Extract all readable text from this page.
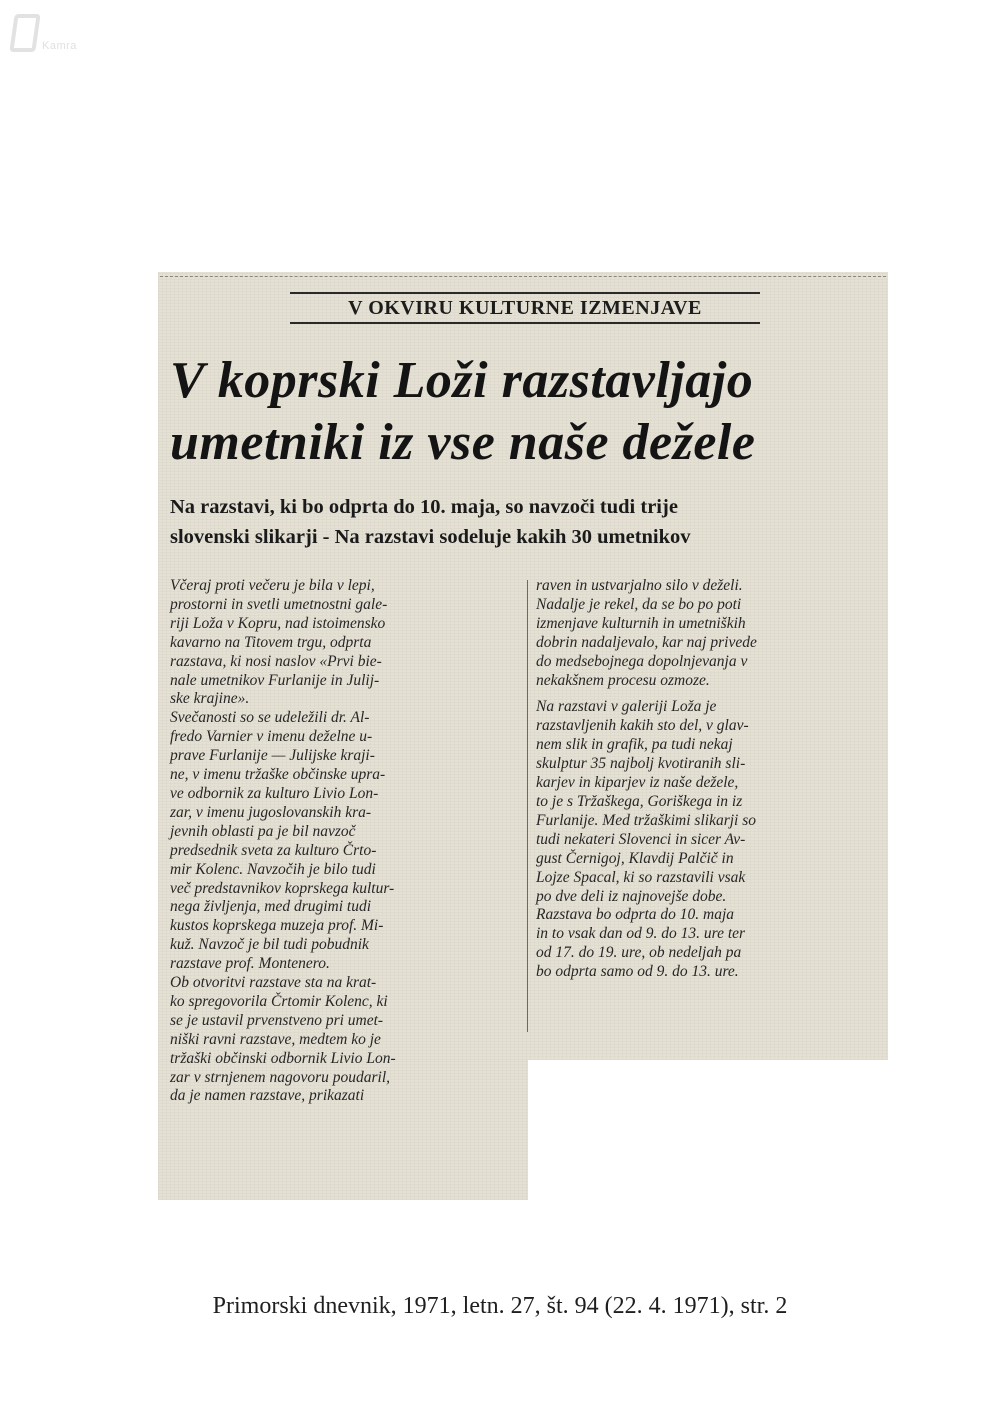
Kamra
V OKVIRU KULTURNE IZMENJAVE
V koprski Loži razstavljajo
umetniki iz vse naše dežele
Na razstavi, ki bo odprta do 10. maja, so navzoči tudi trije
slovenski slikarji - Na razstavi sodeluje kakih 30 umetnikov
Včeraj proti večeru je bila v lepi,
prostorni in svetli umetnostni gale-
riji Loža v Kopru, nad istoimensko
kavarno na Titovem trgu, odprta
razstava, ki nosi naslov «Prvi bie-
nale umetnikov Furlanije in Julij-
ske krajine».
Svečanosti so se udeležili dr. Al-
fredo Varnier v imenu deželne u-
prave Furlanije — Julijske kraji-
ne, v imenu tržaške občinske upra-
ve odbornik za kulturo Livio Lon-
zar, v imenu jugoslovanskih kra-
jevnih oblasti pa je bil navzoč
predsednik sveta za kulturo Črto-
mir Kolenc. Navzočih je bilo tudi
več predstavnikov koprskega kultur-
nega življenja, med drugimi tudi
kustos koprskega muzeja prof. Mi-
kuž. Navzoč je bil tudi pobudnik
razstave prof. Montenero.
Ob otvoritvi razstave sta na krat-
ko spregovorila Črtomir Kolenc, ki
se je ustavil prvenstveno pri umet-
niški ravni razstave, medtem ko je
tržaški občinski odbornik Livio Lon-
zar v strnjenem nagovoru poudaril,
da je namen razstave, prikazati
raven in ustvarjalno silo v deželi.
Nadalje je rekel, da se bo po poti
izmenjave kulturnih in umetniških
dobrin nadaljevalo, kar naj privede
do medsebojnega dopolnjevanja v
nekakšnem procesu ozmoze.
Na razstavi v galeriji Loža je
razstavljenih kakih sto del, v glav-
nem slik in grafik, pa tudi nekaj
skulptur 35 najbolj kvotiranih sli-
karjev in kiparjev iz naše dežele,
to je s Tržaškega, Goriškega in iz
Furlanije. Med tržaškimi slikarji so
tudi nekateri Slovenci in sicer Av-
gust Černigoj, Klavdij Palčič in
Lojze Spacal, ki so razstavili vsak
po dve deli iz najnovejše dobe.
Razstava bo odprta do 10. maja
in to vsak dan od 9. do 13. ure ter
od 17. do 19. ure, ob nedeljah pa
bo odprta samo od 9. do 13. ure.
Primorski dnevnik, 1971, letn. 27, št. 94 (22. 4. 1971), str. 2
